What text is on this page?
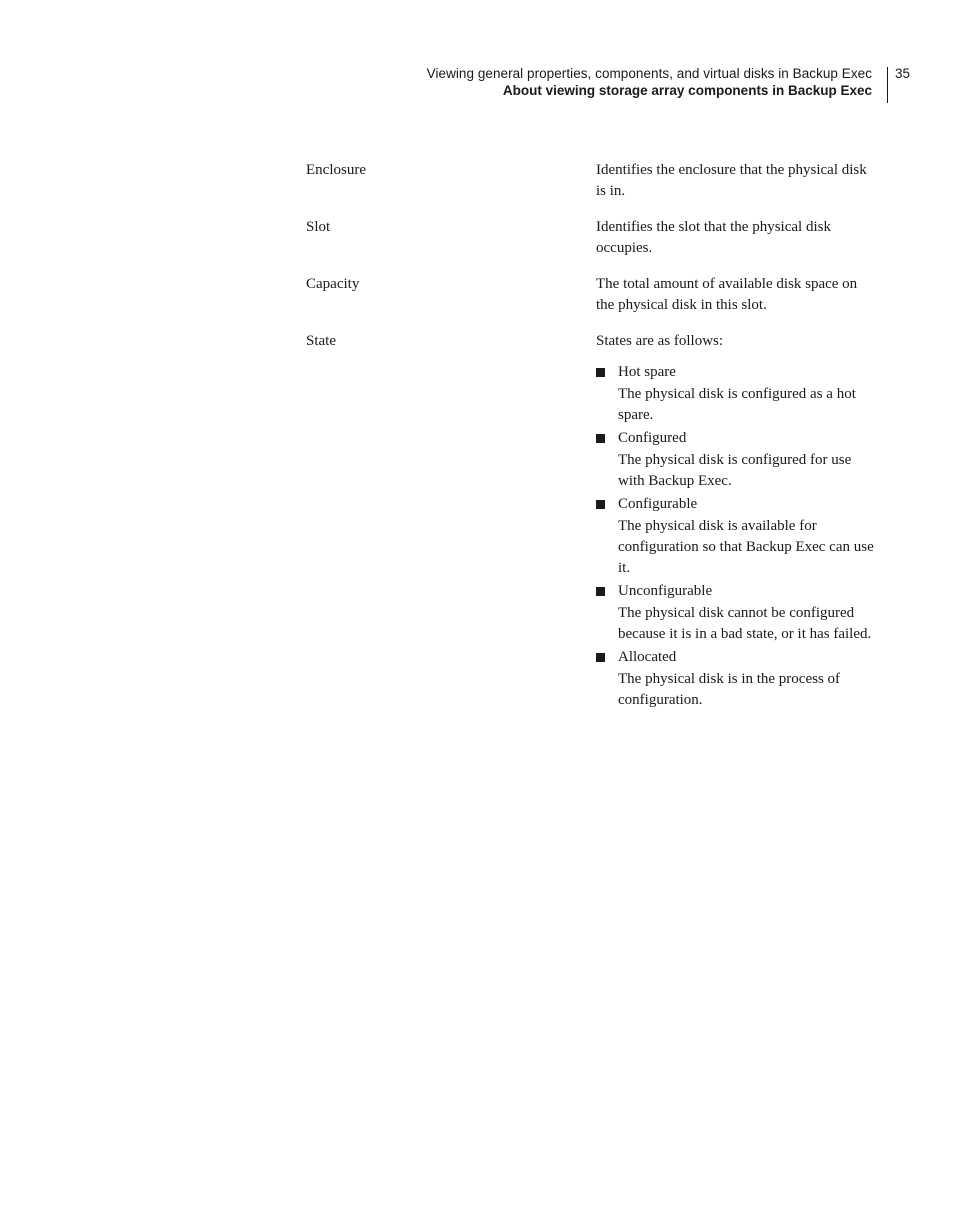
Viewing general properties, components, and virtual disks in Backup Exec
About viewing storage array components in Backup Exec
35
Enclosure	Identifies the enclosure that the physical disk is in.

Slot	Identifies the slot that the physical disk occupies.

Capacity	The total amount of available disk space on the physical disk in this slot.

State	States are as follows:

Hot spare
The physical disk is configured as a hot spare.
Configured
The physical disk is configured for use with Backup Exec.
Configurable
The physical disk is available for configuration so that Backup Exec can use it.
Unconfigurable
The physical disk cannot be configured because it is in a bad state, or it has failed.
Allocated
The physical disk is in the process of configuration.
